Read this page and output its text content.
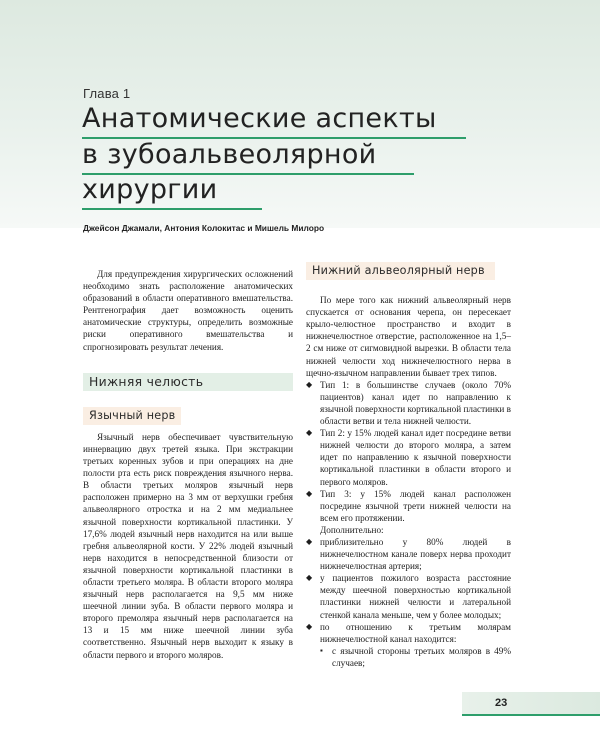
Глава 1
Анатомические аспекты
в зубоальвеолярной
хирургии
Джейсон Джамали, Антония Колокитас и Мишель Милоро

Для предупреждения хирургических осложнений необходимо знать расположение анатомических образований в области оперативного вмешательства. Рентгенография дает возможность оценить анатомические структуры, определить возможные риски оперативного вмешательства и спрогнозировать результат лечения.

Нижняя челюсть
Язычный нерв

Язычный нерв обеспечивает чувствительную иннервацию двух третей языка. При экстракции третьих коренных зубов и при операциях на дне полости рта есть риск повреждения язычного нерва. В области третьих моляров язычный нерв расположен примерно на 3 мм от верхушки гребня альвеолярного отростка и на 2 мм медиальнее язычной поверхности кортикальной пластинки. У 17,6% людей язычный нерв находится на или выше гребня альвеолярной кости. У 22% людей язычный нерв находится в непосредственной близости от язычной поверхности кортикальной пластинки в области третьего моляра. В области второго моляра язычный нерв располагается на 9,5 мм ниже шеечной линии зуба. В области первого моляра и второго премоляра язычный нерв располагается на 13 и 15 мм ниже шеечной линии зуба соответственно. Язычный нерв выходит к языку в области первого и второго моляров.

Нижний альвеолярный нерв

По мере того как нижний альвеолярный нерв спускается от основания черепа, он пересекает крыло-челюстное пространство и входит в нижнечелюстное отверстие, расположенное на 1,5–2 см ниже от сигмовидной вырезки. В области тела нижней челюсти ход нижнечелюстного нерва в щечно-язычном направлении бывает трех типов.

◆ Тип 1: в большинстве случаев (около 70% пациентов) канал идет по направлению к язычной поверхности кортикальной пластинки в области ветви и тела нижней челюсти.
◆ Тип 2: у 15% людей канал идет посредине ветви нижней челюсти до второго моляра, а затем идет по направлению к язычной поверхности кортикальной пластинки в области второго и первого моляров.
◆ Тип 3: у 15% людей канал расположен посредине язычной трети нижней челюсти на всем его протяжении.

Дополнительно:

◆ приблизительно у 80% людей в нижнечелюстном канале поверх нерва проходит нижнечелюстная артерия;
◆ у пациентов пожилого возраста расстояние между шеечной поверхностью кортикальной пластинки нижней челюсти и латеральной стенкой канала меньше, чем у более молодых;
◆ по отношению к третьим молярам нижнечелюстной канал находится:
▪ с язычной стороны третьих моляров в 49% случаев;
23
